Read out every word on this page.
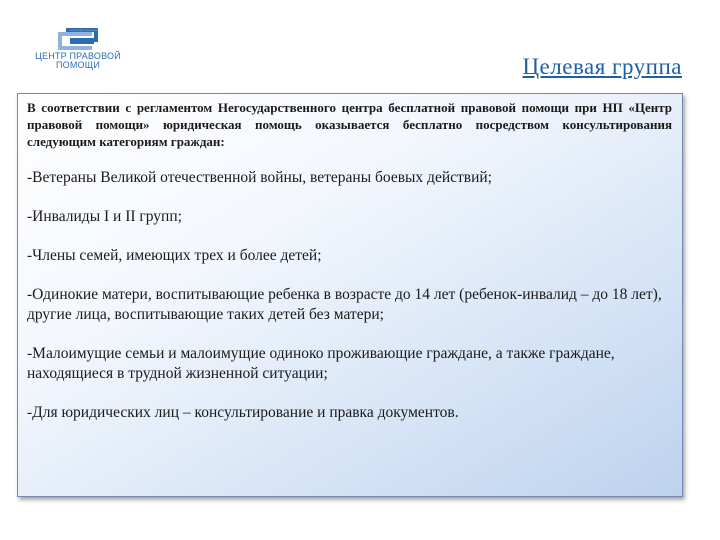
негосударственный
ЦЕНТР ПРАВОВОЙ
ПОМОЩИ	Целевая группа

В соответствии с регламентом Негосударственного центра бесплатной правовой помощи при НП «Центр правовой помощи» юридическая помощь оказывается бесплатно посредством консультирования следующим категориям граждан:

-Ветераны Великой отечественной войны, ветераны боевых действий;

-Инвалиды I и II групп;

-Члены семей, имеющих трех и более детей;

-Одинокие матери, воспитывающие ребенка в возрасте до 14 лет (ребенок-инвалид – до 18 лет), другие лица, воспитывающие таких детей без матери;

-Малоимущие семьи и малоимущие одиноко проживающие граждане, а также граждане, находящиеся в трудной жизненной ситуации;

-Для юридических лиц – консультирование и правка документов.
